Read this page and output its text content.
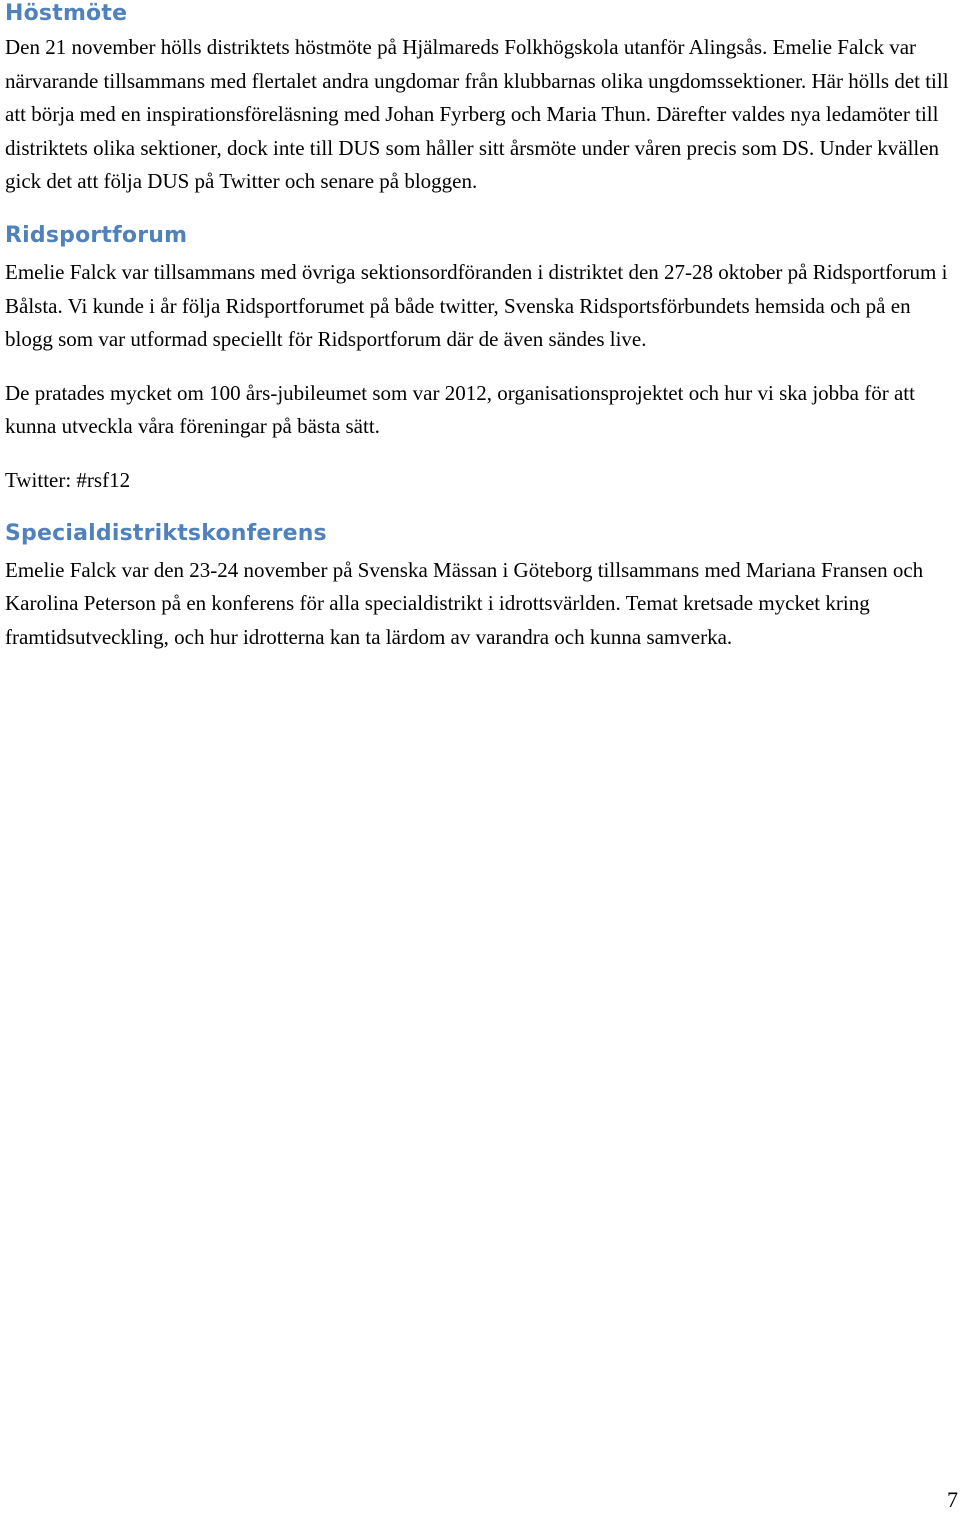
Höstmöte

Den 21 november hölls distriktets höstmöte på Hjälmareds Folkhögskola utanför Alingsås. Emelie Falck var närvarande tillsammans med flertalet andra ungdomar från klubbarnas olika ungdomssektioner. Här hölls det till att börja med en inspirationsföreläsning med Johan Fyrberg och Maria Thun. Därefter valdes nya ledamöter till distriktets olika sektioner, dock inte till DUS som håller sitt årsmöte under våren precis som DS. Under kvällen gick det att följa DUS på Twitter och senare på bloggen.

Ridsportforum

Emelie Falck var tillsammans med övriga sektionsordföranden i distriktet den 27-28 oktober på Ridsportforum i Bålsta. Vi kunde i år följa Ridsportforumet på både twitter, Svenska Ridsportsförbundets hemsida och på en blogg som var utformad speciellt för Ridsportforum där de även sändes live.

De pratades mycket om 100 års-jubileumet som var 2012, organisationsprojektet och hur vi ska jobba för att kunna utveckla våra föreningar på bästa sätt.

Twitter: #rsf12

Specialdistriktskonferens

Emelie Falck var den 23-24 november på Svenska Mässan i Göteborg tillsammans med Mariana Fransen och Karolina Peterson på en konferens för alla specialdistrikt i idrottsvärlden. Temat kretsade mycket kring framtidsutveckling, och hur idrotterna kan ta lärdom av varandra och kunna samverka.

7
